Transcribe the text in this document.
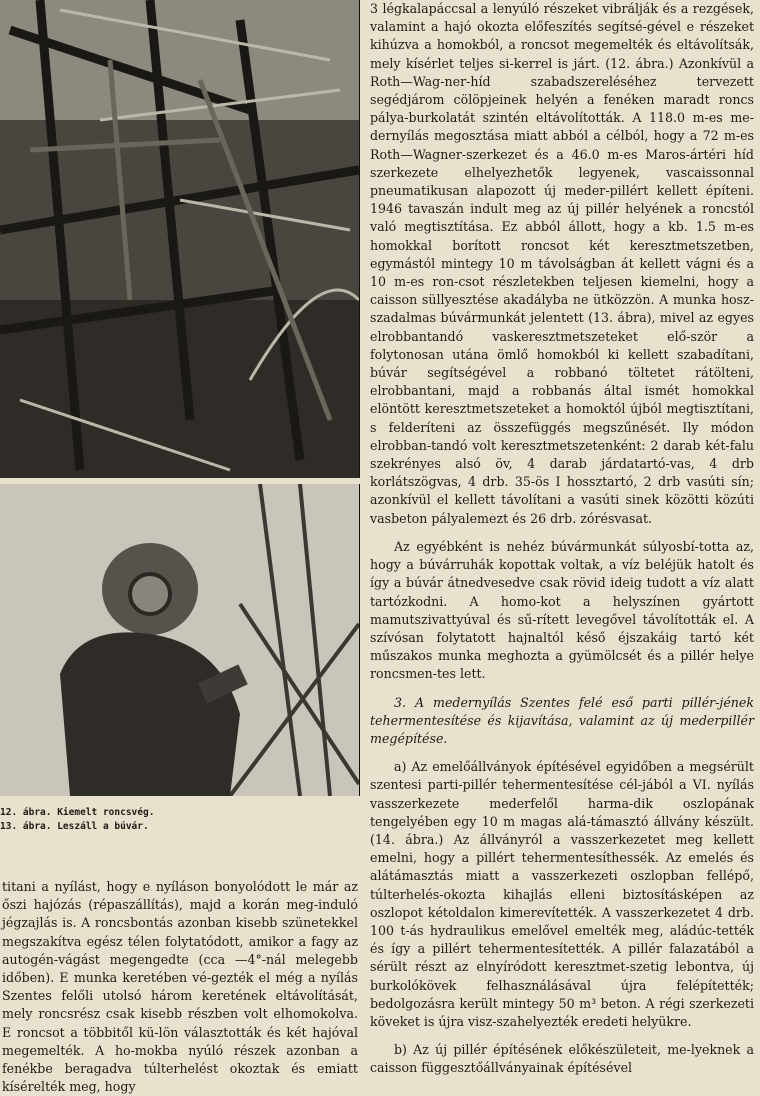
12. ábra. Kiemelt roncsvég.
13. ábra. Leszáll a búvár.

titani a nyílást, hogy e nyíláson bonyolódott le már az őszi hajózás (répaszállítás), majd a korán meg-induló jégzajlás is. A roncsbontás azonban kisebb szünetekkel megszakítva egész télen folytatódott, amikor a fagy az autogén-vágást megengedte (cca —4°-nál melegebb időben). E munka keretében vé-gezték el még a nyílás Szentes felőli utolsó három keretének eltávolítását, mely roncsrész csak kisebb részben volt elhomokolva. E roncsot a többitől kü-lön választották és két hajóval megemelték. A ho-mokba nyúló részek azonban a fenékbe beragadva túlterhelést okoztak és emiatt kísérelték meg, hogy

3 légkalapáccsal a lenyúló részeket vibrálják és a rezgések, valamint a hajó okozta előfeszítés segítsé-gével e részeket kihúzva a homokból, a roncsot megemelték és eltávolítsák, mely kísérlet teljes si-kerrel is járt. (12. ábra.) Azonkívül a Roth—Wag-ner-híd szabadszereléséhez tervezett segédjárom cölöpjeinek helyén a fenéken maradt roncs pálya-burkolatát szintén eltávolították. A 118.0 m-es me-dernyílás megosztása miatt abból a célból, hogy a 72 m-es Roth—Wagner-szerkezet és a 46.0 m-es Maros-ártéri híd szerkezete elhelyezhetők legyenek, vascaissonnal pneumatikusan alapozott új meder-pillért kellett építeni. 1946 tavaszán indult meg az új pillér helyének a roncstól való megtisztítása. Ez abból állott, hogy a kb. 1.5 m-es homokkal borított roncsot két keresztmetszetben, egymástól mintegy 10 m távolságban át kellett vágni és a 10 m-es ron-csot részletekben teljesen kiemelni, hogy a caisson süllyesztése akadályba ne ütközzön. A munka hosz-szadalmas búvármunkát jelentett (13. ábra), mivel az egyes elrobbantandó vaskeresztmetszeteket elő-ször a folytonosan utána ömlő homokból ki kellett szabadítani, búvár segítségével a robbanó töltetet rátölteni, elrobbantani, majd a robbanás által ismét homokkal elöntött keresztmetszeteket a homoktól újból megtisztítani, s felderíteni az összefüggés megszűnését. Ily módon elrobban-tandó volt keresztmetszetenként: 2 darab két-falu szekrényes alsó öv, 4 darab járdatartó-vas, 4 drb korlátszögvas, 4 drb. 35-ös I hossztartó, 2 drb vasúti sín; azonkívül el kellett távolítani a vasúti sinek közötti közúti vasbeton pályalemezt és 26 drb. zórésvasat.

Az egyébként is nehéz búvármunkát súlyosbí-totta az, hogy a búvárruhák kopottak voltak, a víz beléjük hatolt és így a búvár átnedvesedve csak rövid ideig tudott a víz alatt tartózkodni. A homo-kot a helyszínen gyártott mamutszivattyúval és sű-rített levegővel távolították el. A szívósan folytatott hajnaltól késő éjszakáig tartó két műszakos munka meghozta a gyümölcsét és a pillér helye roncsmen-tes lett.

3. A medernyílás Szentes felé eső parti pillér-jének tehermentesítése és kijavítása, valamint az új mederpillér megépítése.

a) Az emelőállványok építésével egyidőben a megsérült szentesi parti-pillér tehermentesítése cél-jából a VI. nyílás vasszerkezete mederfelől harma-dik oszlopának tengelyében egy 10 m magas alá-támasztó állvány készült. (14. ábra.) Az állványról a vasszerkezetet meg kellett emelni, hogy a pillért tehermentesíthessék. Az emelés és alátámasztás miatt a vasszerkezeti oszlopban fellépő, túlterhelés-okozta kihajlás elleni biztosításképen az oszlopot kétoldalon kimerevítették. A vasszerkezetet 4 drb. 100 t-ás hydraulikus emelővel emelték meg, aládúc-tették és így a pillért tehermentesítették. A pillér falazatából a sérült részt az elnyíródott keresztmet-szetig lebontva, új burkolókövek felhasználásával újra felépítették; bedolgozásra került mintegy 50 m³ beton. A régi szerkezeti köveket is újra visz-szahelyezték eredeti helyükre.

b) Az új pillér építésének előkészületeit, me-lyeknek a caisson függesztőállványainak építésével
